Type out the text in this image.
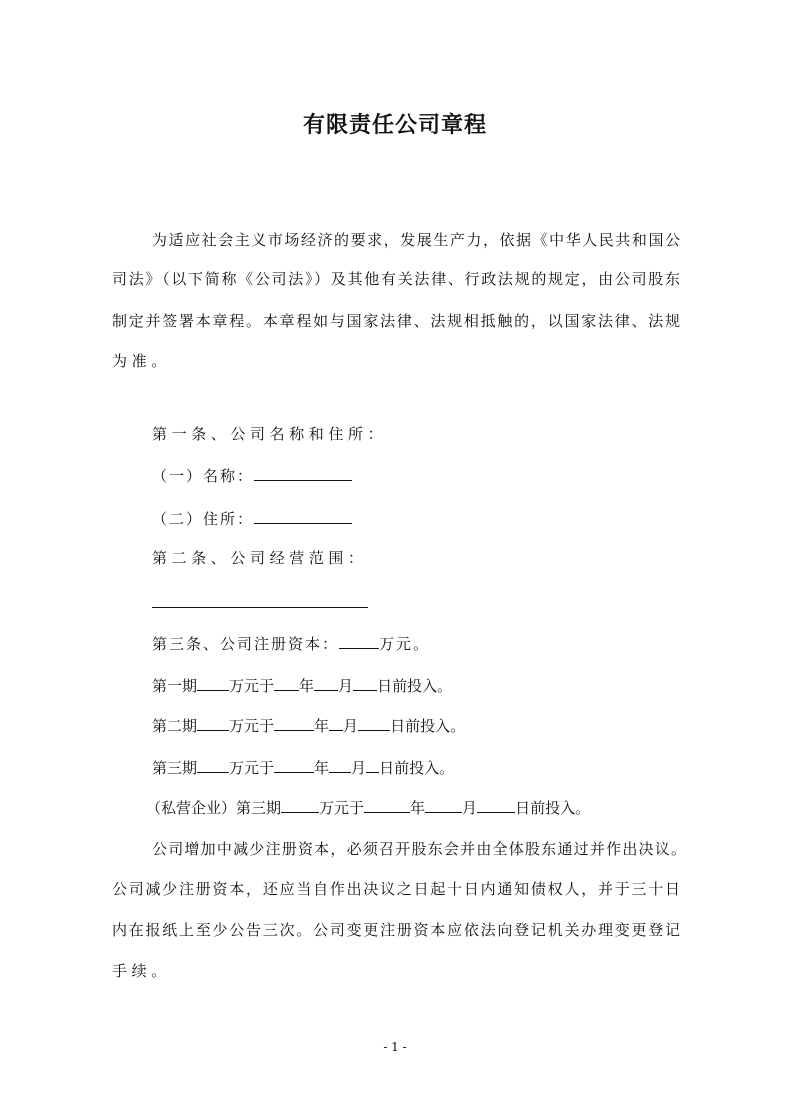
有限责任公司章程
为适应社会主义市场经济的要求，发展生产力，依据《中华人民共和国公
司法》（以下简称《公司法》）及其他有关法律、行政法规的规定，由公司股东
制定并签署本章程。本章程如与国家法律、法规相抵触的，以国家法律、法规
为准。
第一条、公司名称和住所：
（一）名称：
（二）住所：
第二条、公司经营范围：
第三条、公司注册资本：	万元。
第一期 万元于 年 月 日前投入。
第二期 万元于	年 月 日前投入。
第三期 万元于	年 月 日前投入。
（私营企业）第三期	万元于	年 月	日前投入。
公司增加中减少注册资本，必须召开股东会并由全体股东通过并作出决议。
公司减少注册资本，还应当自作出决议之日起十日内通知债权人，并于三十日
内在报纸上至少公告三次。公司变更注册资本应依法向登记机关办理变更登记
手续。
- 1 -
